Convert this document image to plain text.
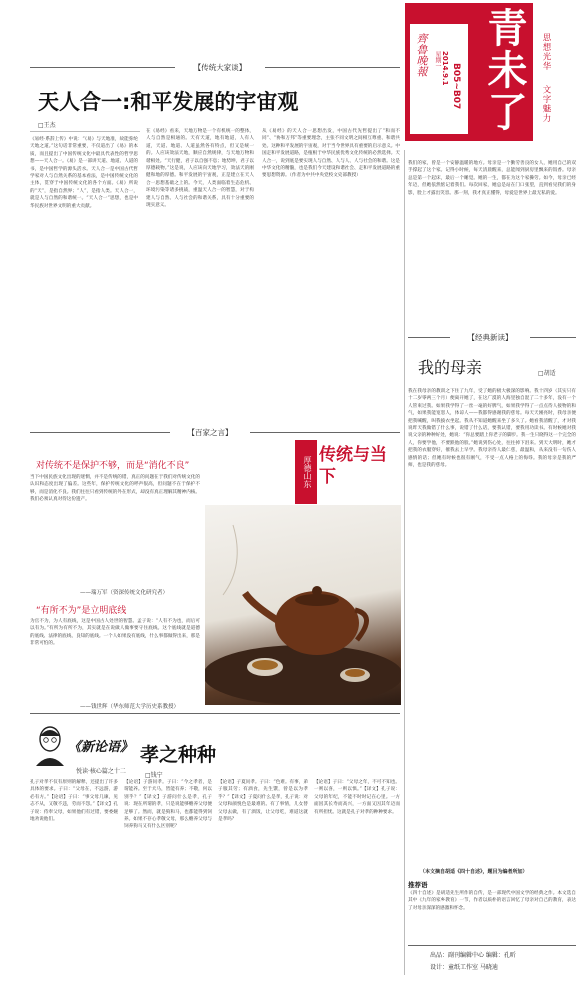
青未了
齊魯晚報 星期一 2014.9.1 B05~B07
思想光华
文字魅力
【传统大家谈】
天人合一:和平发展的宇宙观
□王杰
《易经·系辞上传》中说：“《易》与天地准，故能弥纶天地之道。”这句话非常重要，不仅道出了《易》的本质，而且提出了中国传统文化中最具代表性的哲学思想——天人合一。《易》是一部讲天道、地道、人道的书，是中国哲学的源头活水。天人合一是中国古代哲学家对人与自然关系的基本看法，是中国传统文化的主体，贯穿于中国传统文化的各个方面。《易》所说的“天”，是指自然界；“人”，是指人类。天人合一，就是人与自然的和谐统一。“天人合一”思想，也是中华民族对世界文明的重大贡献。
在《易经》看来，天地万物是一个有机统一的整体，人与自然是相通的。天有天道，地有地道，人有人道，天道、地道、人道虽然各有特点，但又是统一的。人应该效法天地，顺应自然规律，与天地万物和谐相处。“天行健，君子以自强不息；地势坤，君子以厚德载物。”这是说，人应该向天地学习，效法天的刚健和地的厚德。和平发展的宇宙观，正是建立在天人合一思想基础之上的。今天，人类面临着生态危机、环境污染等诸多挑战，重温天人合一的智慧，对于构建人与自然、人与社会的和谐关系，具有十分重要的现实意义。
从《易经》的天人合一思想出发，中国古代先哲提出了“和而不同”、“协和万邦”等重要理念，主张不同文明之间相互尊重、和谐共处。这种和平发展的宇宙观，对于当今世界具有重要的启示意义。中国走和平发展道路，是植根于中华民族优秀文化传统的必然选择。天人合一，说到底是要实现人与自然、人与人、人与社会的和谐。这是中华文化的精髓，也是我们今天建设和谐社会、走和平发展道路的重要思想资源。（作者为中共中央党校文史部教授）
【百家之言】
厚德山东
传统与当下
对传统不是保护不够，而是“消化不良”
当下中国民族文化出现的迷惘，并不是传统的错，真正的问题在于我们对传统文化的认识和态度出现了偏差。这些年，保护传统文化的呼声很高，但问题不在于保护不够，而是消化不良。我们往往只看到传统的外在形式，却没有真正理解其精神内核。我们必须认真对待这份遗产。
——瑞万军（资深传统文化研究者）
“有所不为”是立明底线
为官不为，为人有底线，这是中国古人处世的智慧。孟子说：“人有不为也，而后可以有为。”有所为有所不为，其实就是在说做人做事要守住底线。这个底线就是道德的底线、法律的底线、良知的底线。一个人如果没有底线，什么事都做得出来，那是非常可怕的。
——钱世辉（华东师范大学历史系教授）
《新论语》
悦读·核心篇之十二
孝之种种
□钱宁
孔子对孝不仅有原则的解释，还提出了许多具体的要求。子曰：“父母在，不远游，游必有方。”【论语】子曰：“事父母几谏，见志不从，又敬不违，劳而不怨。”【译文】孔子说：侍奉父母，如果他们有过错，要委婉地劝说他们。
【论语】子游问孝。子曰：“今之孝者，是谓能养。至于犬马，皆能有养；不敬，何以别乎？”【译文】子游问什么是孝，孔子说：现在所谓的孝，只是说能够赡养父母便足够了。然而，就是狗和马，也都能得到饲养。如果不存心孝敬父母，那么赡养父母与饲养狗马又有什么区别呢？
【论语】子夏问孝。子曰：“色难。有事，弟子服其劳；有酒食，先生馔，曾是以为孝乎？”【译文】子夏问什么是孝，孔子说：对父母和颜悦色是最难的。有了事情，儿女替父母去做，有了酒饭，让父母吃，难道这就是孝吗？
【论语】子曰：“父母之年，不可不知也。一则以喜，一则以惧。”【译文】孔子说：父母的年纪，不能不时时记在心里。一方面因其长寿而高兴，一方面又因其年迈而有所担忧。这就是孔子对孝的种种要求。
我们的家，曾是一个安静温暖的地方。母亲是一个勤劳善良的女人，她用自己的双手撑起了这个家。记得小时候，每天清晨醒来，总能闻到厨房里飘来的饭香。母亲总是第一个起床，最后一个睡觉。她的一生，都在为这个家操劳。如今，母亲已经年迈，但她依然惦记着我们。每次回家，她总是站在门口张望，直到看见我们的身影，脸上才露出笑容。那一刻，我才真正懂得，母爱是世界上最无私的爱。
【经典新读】
我的母亲	□胡适
我在我母亲的教训之下住了九年，受了她的极大极深的影响。我十四岁（其实只有十二岁零两三个月）便离开她了，在这广漠的人海里独自混了二十多年，没有一个人管束过我。如果我学得了一丝一毫的好脾气，如果我学得了一点点待人接物的和气，如果我能宽恕人，体谅人——我都得感谢我的慈母。每天天刚亮时，我母亲便把我喊醒，叫我披衣坐起。我从不知道她醒来坐了多久了。她看我清醒了，才对我说昨天我做错了什么事，说错了什么话，要我认错，要我用功读书。有时候她对我说父亲的种种好处，她说：“你总要踏上你老子的脚步。我一生只晓得这一个完全的人，你要学他，不要跌他的股。”她说到伤心处，往往掉下泪来。到天大明时，她才把我的衣服穿好，催我去上早学。我母亲待人最仁慈，最温和，从来没有一句伤人感情的话；但她有时候也很有刚气，不受一点人格上的侮辱。我的母亲是我的严师，也是我的慈母。
（本文摘自胡适《四十自述》，题目为编者所加）
推荐语
《四十自述》是胡适先生所作的自传，是一部现代中国文学的经典之作。本文选自其中《九年的家乡教育》一节，作者以质朴的语言回忆了母亲对自己的教育，表达了对母亲深深的感激和怀念。
出品：副刊编辑中心 编辑：孔昕
设计：童纸工作室 马晓迪
